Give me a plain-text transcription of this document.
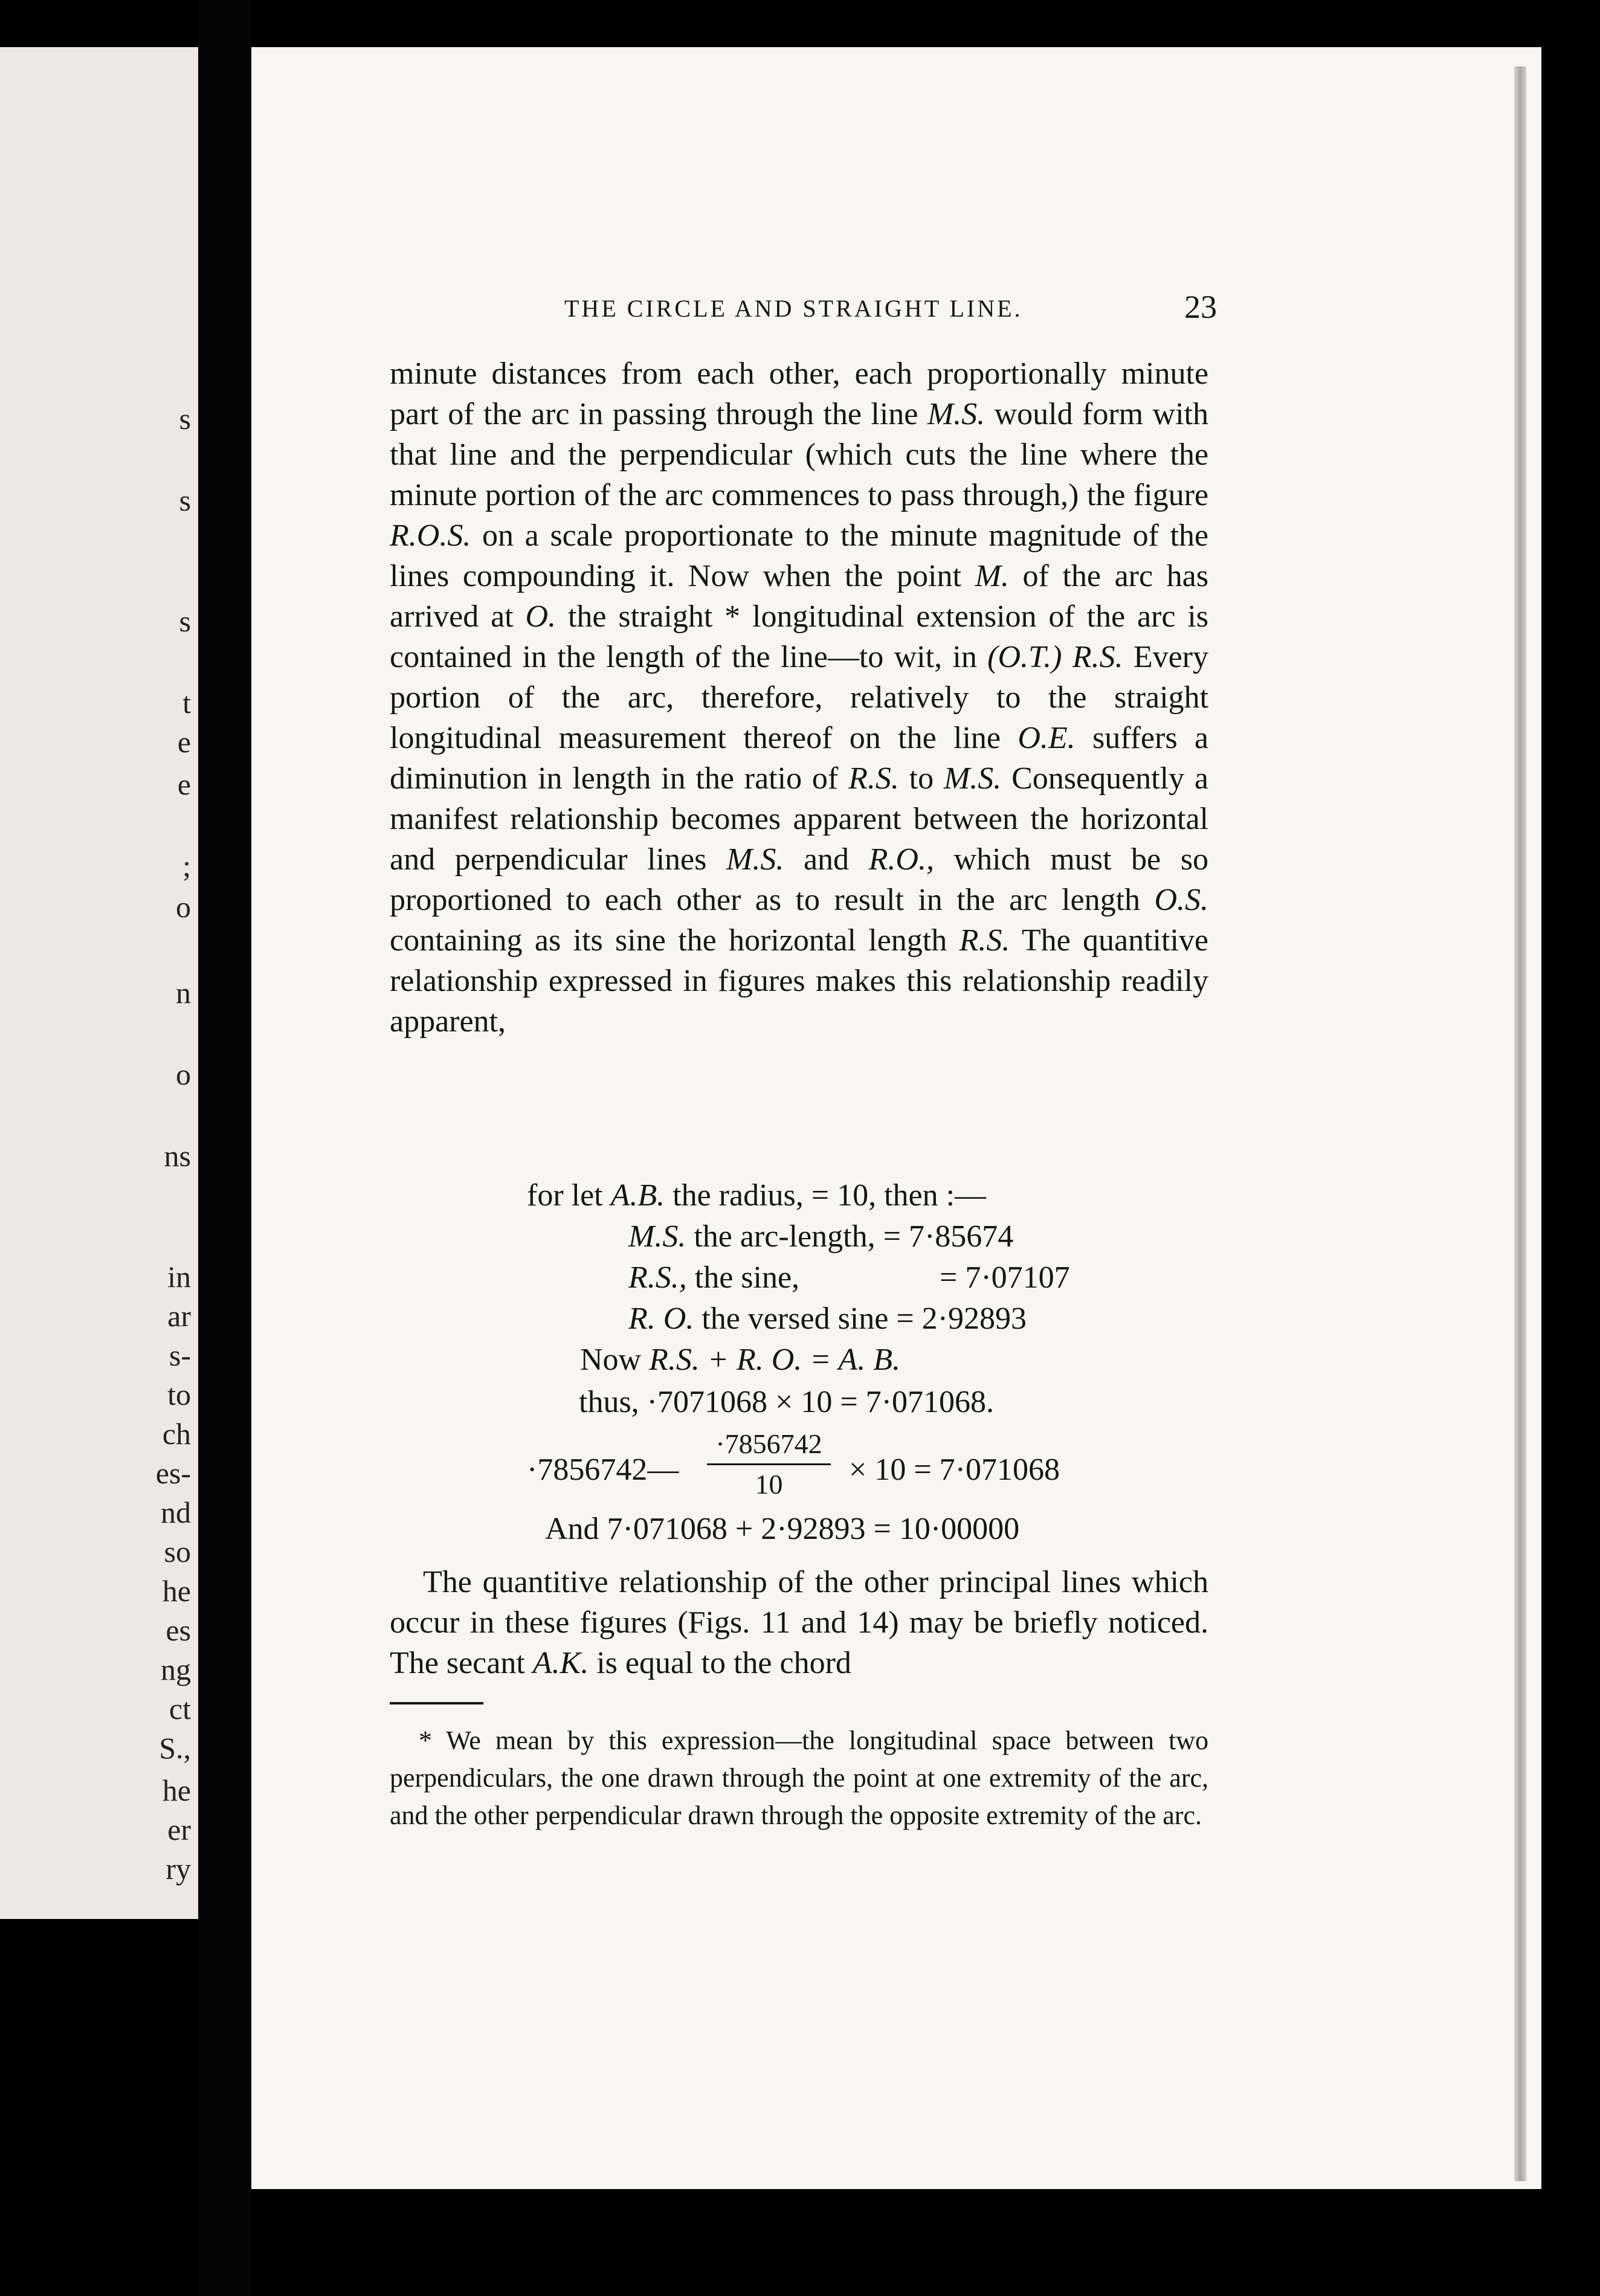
s
s
s
t
e
e
;
o
n
o
ns
in
ar
s-
to
ch
es-
nd
so
he
es
ng
ct
S.,
he
er
ry
THE CIRCLE AND STRAIGHT LINE.	23

minute distances from each other, each proportionally minute part of the arc in passing through the line M.S. would form with that line and the perpendicular (which cuts the line where the minute portion of the arc commences to pass through,) the figure R.O.S. on a scale proportionate to the minute magnitude of the lines compounding it. Now when the point M. of the arc has arrived at O. the straight * longitudinal extension of the arc is contained in the length of the line—to wit, in (O.T.) R.S. Every portion of the arc, therefore, relatively to the straight longitudinal measurement thereof on the line O.E. suffers a diminution in length in the ratio of R.S. to M.S. Consequently a manifest relationship becomes apparent between the horizontal and perpendicular lines M.S. and R.O., which must be so proportioned to each other as to result in the arc length O.S. containing as its sine the horizontal length R.S. The quantitive relationship expressed in figures makes this relationship readily apparent,

for let A.B. the radius, = 10, then :—
M.S. the arc-length, = 7·85674
R.S., the sine,	= 7·07107
R. O. the versed sine = 2·92893
Now R.S. + R. O. = A. B.
thus, ·7071068 × 10 = 7·071068.
·7856742—
·7856742
10	× 10 = 7·071068
And 7·071068 + 2·92893 = 10·00000

The quantitive relationship of the other principal lines which occur in these figures (Figs. 11 and 14) may be briefly noticed. The secant A.K. is equal to the chord

* We mean by this expression—the longitudinal space between two perpendiculars, the one drawn through the point at one extremity of the arc, and the other perpendicular drawn through the opposite extremity of the arc.
